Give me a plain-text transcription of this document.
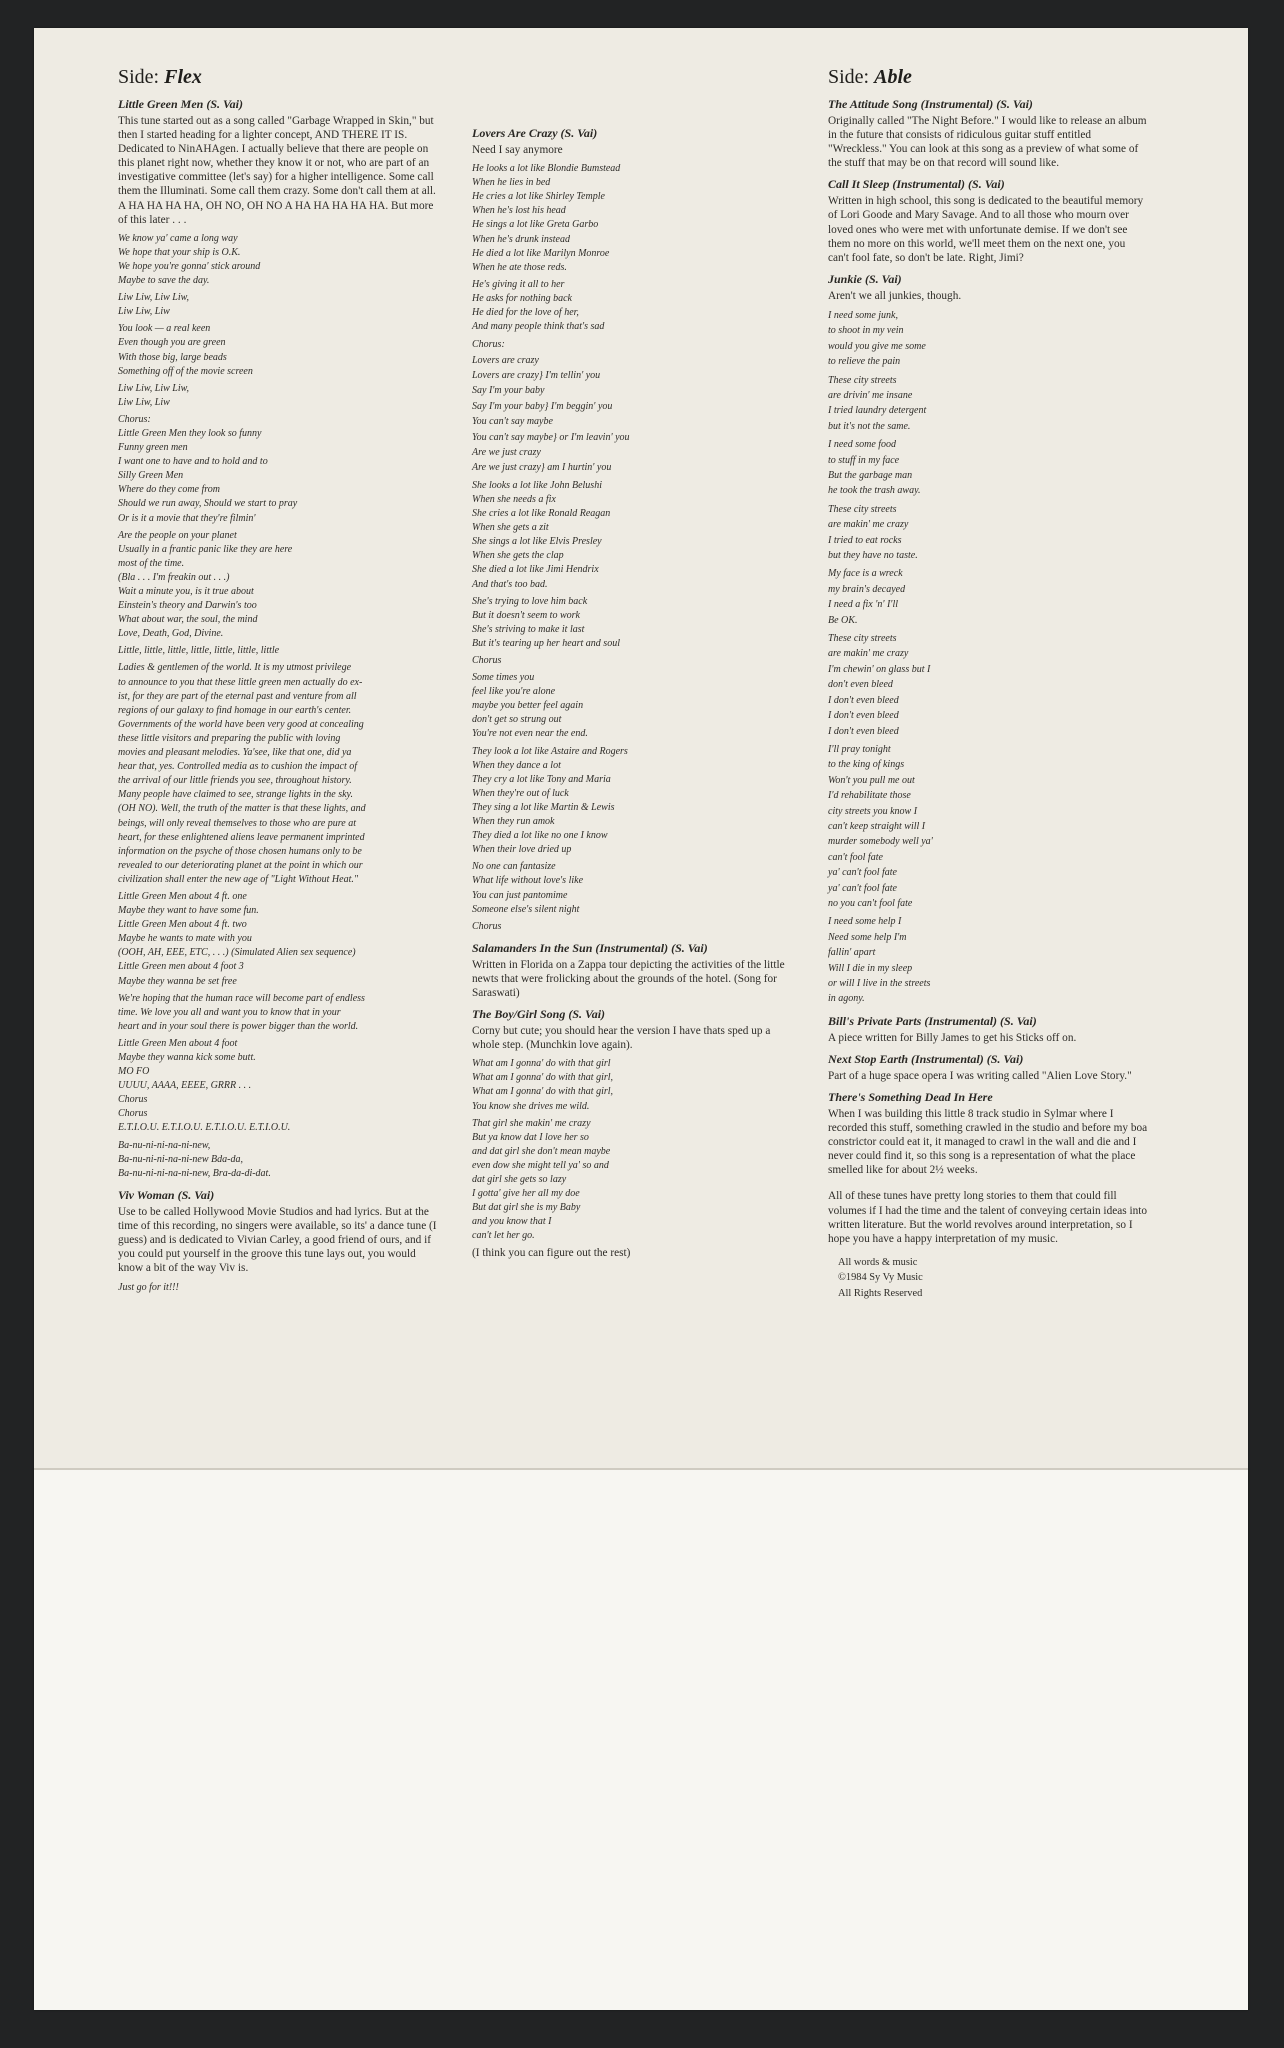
Side: Flex
Little Green Men (S. Vai)
This tune started out as a song called "Garbage Wrapped in Skin," but then I started heading for a lighter concept, AND THERE IT IS. Dedicated to NinAHAgen. I actually believe that there are people on this planet right now, whether they know it or not, who are part of an investigative committee (let's say) for a higher intelligence. Some call them the Illuminati. Some call them crazy. Some don't call them at all. A HA HA HA HA, OH NO, OH NO A HA HA HA HA HA. But more of this later . . .
We know ya' came a long way
We hope that your ship is O.K.
We hope you're gonna' stick around
Maybe to save the day.
Liw Liw, Liw Liw,
Liw Liw, Liw
You look — a real keen
Even though you are green
With those big, large beads
Something off of the movie screen
Liw Liw, Liw Liw,
Liw Liw, Liw
Chorus:
Little Green Men they look so funny
Funny green men
I want one to have and to hold and to
Silly Green Men
Where do they come from
Should we run away, Should we start to pray
Or is it a movie that they're filmin'
Are the people on your planet
Usually in a frantic panic like they are here
most of the time.
(Bla . . . I'm freakin out . . .)
Wait a minute you, is it true about
Einstein's theory and Darwin's too
What about war, the soul, the mind
Love, Death, God, Divine.
Little, little, little, little, little, little, little
Ladies & gentlemen of the world. It is my utmost privilege
to announce to you that these little green men actually do ex-
ist, for they are part of the eternal past and venture from all
regions of our galaxy to find homage in our earth's center.
Governments of the world have been very good at concealing
these little visitors and preparing the public with loving
movies and pleasant melodies. Ya'see, like that one, did ya
hear that, yes. Controlled media as to cushion the impact of
the arrival of our little friends you see, throughout history.
Many people have claimed to see, strange lights in the sky.
(OH NO). Well, the truth of the matter is that these lights, and
beings, will only reveal themselves to those who are pure at
heart, for these enlightened aliens leave permanent imprinted
information on the psyche of those chosen humans only to be
revealed to our deteriorating planet at the point in which our
civilization shall enter the new age of "Light Without Heat."
Little Green Men about 4 ft. one
Maybe they want to have some fun.
Little Green Men about 4 ft. two
Maybe he wants to mate with you
(OOH, AH, EEE, ETC, . . .) (Simulated Alien sex sequence)
Little Green men about 4 foot 3
Maybe they wanna be set free
We're hoping that the human race will become part of endless
time. We love you all and want you to know that in your
heart and in your soul there is power bigger than the world.
Little Green Men about 4 foot
Maybe they wanna kick some butt.
MO FO
UUUU, AAAA, EEEE, GRRR . . .
Chorus
Chorus
E.T.I.O.U. E.T.I.O.U. E.T.I.O.U. E.T.I.O.U.
Ba-nu-ni-ni-na-ni-new,
Ba-nu-ni-ni-na-ni-new Bda-da,
Ba-nu-ni-ni-na-ni-new, Bra-da-di-dat.
Viv Woman (S. Vai)
Use to be called Hollywood Movie Studios and had lyrics. But at the time of this recording, no singers were available, so its' a dance tune (I guess) and is dedicated to Vivian Carley, a good friend of ours, and if you could put yourself in the groove this tune lays out, you would know a bit of the way Viv is.
Just go for it!!!
Lovers Are Crazy (S. Vai)
Need I say anymore
He looks a lot like Blondie Bumstead
When he lies in bed
He cries a lot like Shirley Temple
When he's lost his head
He sings a lot like Greta Garbo
When he's drunk instead
He died a lot like Marilyn Monroe
When he ate those reds.
He's giving it all to her
He asks for nothing back
He died for the love of her,
And many people think that's sad
Chorus:
Lovers are crazy
Lovers are crazy} I'm tellin' you
Say I'm your baby
Say I'm your baby} I'm beggin' you
You can't say maybe
You can't say maybe} or I'm leavin' you
Are we just crazy
Are we just crazy} am I hurtin' you
She looks a lot like John Belushi
When she needs a fix
She cries a lot like Ronald Reagan
When she gets a zit
She sings a lot like Elvis Presley
When she gets the clap
She died a lot like Jimi Hendrix
And that's too bad.
She's trying to love him back
But it doesn't seem to work
She's striving to make it last
But it's tearing up her heart and soul
Chorus
Some times you
feel like you're alone
maybe you better feel again
don't get so strung out
You're not even near the end.
They look a lot like Astaire and Rogers
When they dance a lot
They cry a lot like Tony and Maria
When they're out of luck
They sing a lot like Martin & Lewis
When they run amok
They died a lot like no one I know
When their love dried up
No one can fantasize
What life without love's like
You can just pantomime
Someone else's silent night
Chorus
Salamanders In the Sun (Instrumental) (S. Vai)
Written in Florida on a Zappa tour depicting the activities of the little newts that were frolicking about the grounds of the hotel. (Song for Saraswati)
The Boy/Girl Song (S. Vai)
Corny but cute; you should hear the version I have thats sped up a whole step. (Munchkin love again).
What am I gonna' do with that girl
What am I gonna' do with that girl,
What am I gonna' do with that girl,
You know she drives me wild.
That girl she makin' me crazy
But ya know dat I love her so
and dat girl she don't mean maybe
even dow she might tell ya' so and
dat girl she gets so lazy
I gotta' give her all my doe
But dat girl she is my Baby
and you know that I
can't let her go.
(I think you can figure out the rest)
Side: Able
The Attitude Song (Instrumental) (S. Vai)
Originally called "The Night Before." I would like to release an album in the future that consists of ridiculous guitar stuff entitled "Wreckless." You can look at this song as a preview of what some of the stuff that may be on that record will sound like.
Call It Sleep (Instrumental) (S. Vai)
Written in high school, this song is dedicated to the beautiful memory of Lori Goode and Mary Savage. And to all those who mourn over loved ones who were met with unfortunate demise. If we don't see them no more on this world, we'll meet them on the next one, you can't fool fate, so don't be late. Right, Jimi?
Junkie (S. Vai)
Aren't we all junkies, though.
I need some junk,
to shoot in my vein
would you give me some
to relieve the pain
These city streets
are drivin' me insane
I tried laundry detergent
but it's not the same.
I need some food
to stuff in my face
But the garbage man
he took the trash away.
These city streets
are makin' me crazy
I tried to eat rocks
but they have no taste.
My face is a wreck
my brain's decayed
I need a fix 'n' I'll
Be OK.
These city streets
are makin' me crazy
I'm chewin' on glass but I
don't even bleed
I don't even bleed
I don't even bleed
I don't even bleed
I'll pray tonight
to the king of kings
Won't you pull me out
I'd rehabilitate those
city streets you know I
can't keep straight will I
murder somebody well ya'
can't fool fate
ya' can't fool fate
ya' can't fool fate
no you can't fool fate
I need some help I
Need some help I'm
fallin' apart
Will I die in my sleep
or will I live in the streets
in agony.
Bill's Private Parts (Instrumental) (S. Vai)
A piece written for Billy James to get his Sticks off on.
Next Stop Earth (Instrumental) (S. Vai)
Part of a huge space opera I was writing called "Alien Love Story."
There's Something Dead In Here
When I was building this little 8 track studio in Sylmar where I recorded this stuff, something crawled in the studio and before my boa constrictor could eat it, it managed to crawl in the wall and die and I never could find it, so this song is a representation of what the place smelled like for about 2½ weeks.
All of these tunes have pretty long stories to them that could fill volumes if I had the time and the talent of conveying certain ideas into written literature. But the world revolves around interpretation, so I hope you have a happy interpretation of my music.
All words & music
©1984 Sy Vy Music
All Rights Reserved
